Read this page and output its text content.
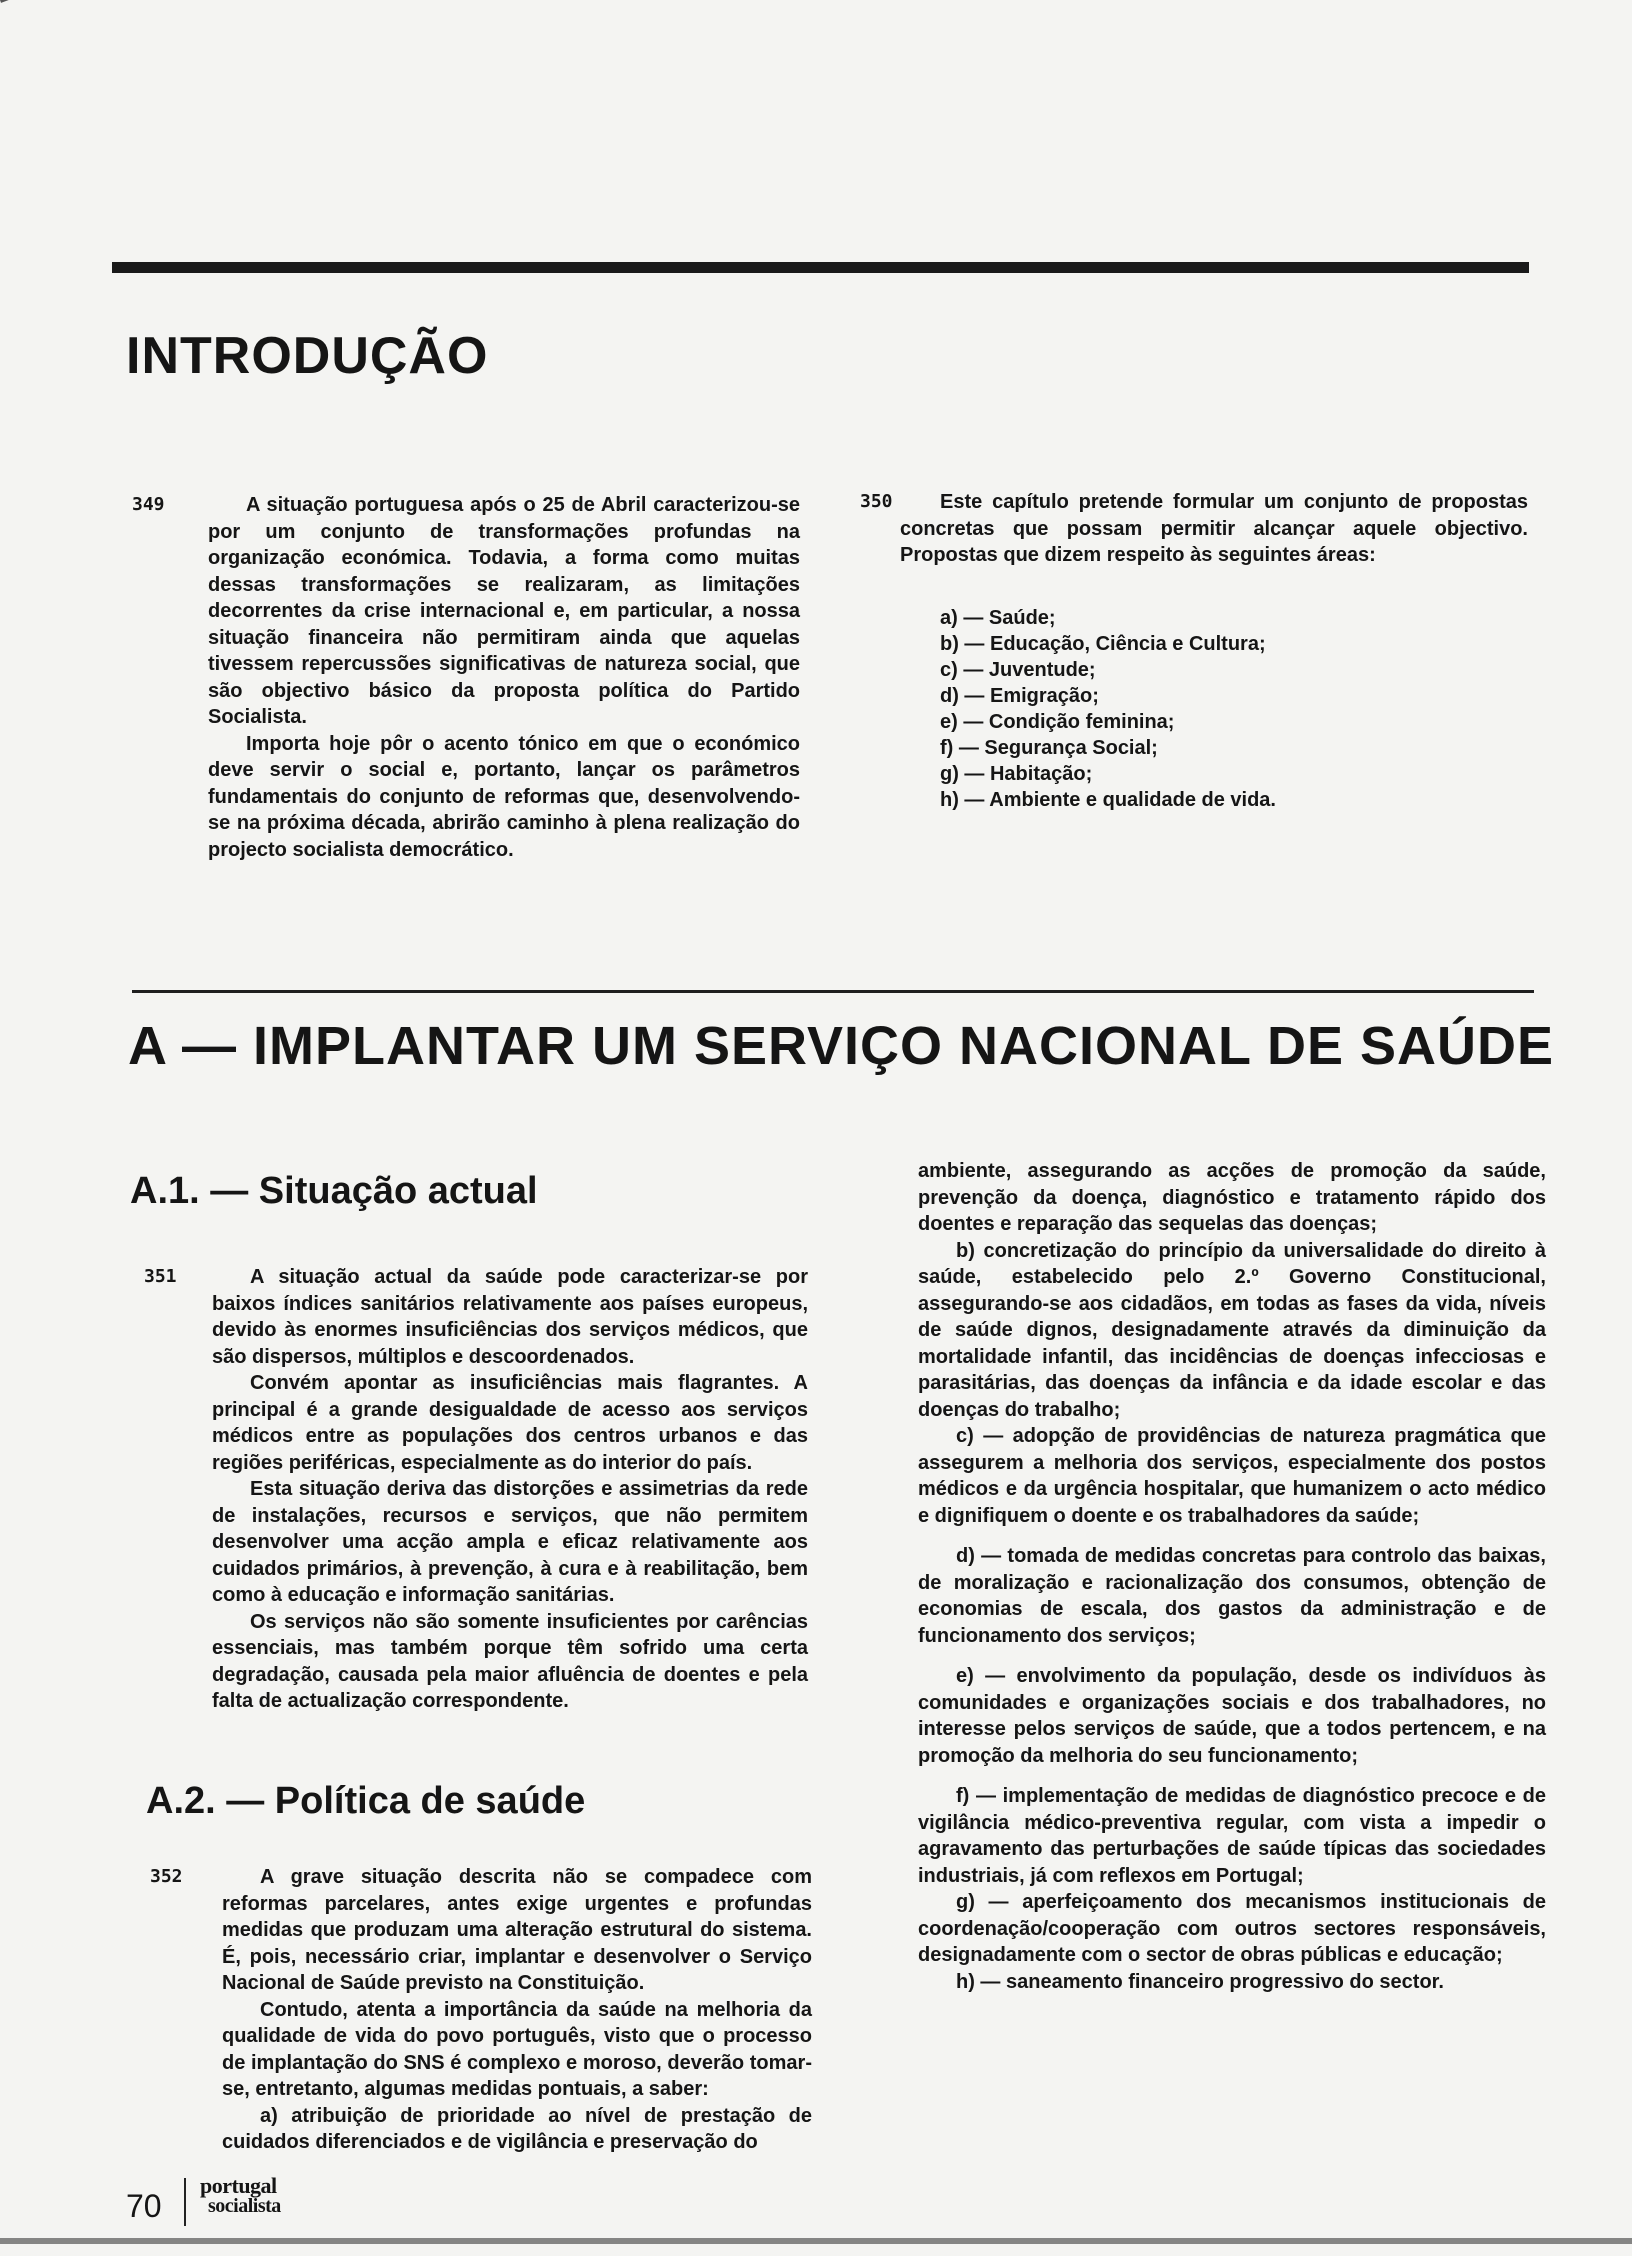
INTRODUÇÃO
349	A situação portuguesa após o 25 de Abril caracterizou-se por um conjunto de transformações profundas na organização económica. Todavia, a forma como muitas dessas transformações se realizaram, as limitações decorrentes da crise internacional e, em particular, a nossa situação financeira não permitiram ainda que aquelas tivessem repercussões significativas de natureza social, que são objectivo básico da proposta política do Partido Socialista.

Importa hoje pôr o acento tónico em que o económico deve servir o social e, portanto, lançar os parâmetros fundamentais do conjunto de reformas que, desenvolvendo-se na próxima década, abrirão caminho à plena realização do projecto socialista democrático.

350	Este capítulo pretende formular um conjunto de propostas concretas que possam permitir alcançar aquele objectivo. Propostas que dizem respeito às seguintes áreas:

a) — Saúde;
b) — Educação, Ciência e Cultura;
c) — Juventude;
d) — Emigração;
e) — Condição feminina;
f) — Segurança Social;
g) — Habitação;
h) — Ambiente e qualidade de vida.
A — IMPLANTAR UM SERVIÇO NACIONAL DE SAÚDE
A.1. — Situação actual
351	A situação actual da saúde pode caracterizar-se por baixos índices sanitários relativamente aos países europeus, devido às enormes insuficiências dos serviços médicos, que são dispersos, múltiplos e descoordenados.

Convém apontar as insuficiências mais flagrantes. A principal é a grande desigualdade de acesso aos serviços médicos entre as populações dos centros urbanos e das regiões periféricas, especialmente as do interior do país.

Esta situação deriva das distorções e assimetrias da rede de instalações, recursos e serviços, que não permitem desenvolver uma acção ampla e eficaz relativamente aos cuidados primários, à prevenção, à cura e à reabilitação, bem como à educação e informação sanitárias.

Os serviços não são somente insuficientes por carências essenciais, mas também porque têm sofrido uma certa degradação, causada pela maior afluência de doentes e pela falta de actualização correspondente.

A.2. — Política de saúde
352	A grave situação descrita não se compadece com reformas parcelares, antes exige urgentes e profundas medidas que produzam uma alteração estrutural do sistema. É, pois, necessário criar, implantar e desenvolver o Serviço Nacional de Saúde previsto na Constituição.

Contudo, atenta a importância da saúde na melhoria da qualidade de vida do povo português, visto que o processo de implantação do SNS é complexo e moroso, deverão tomar-se, entretanto, algumas medidas pontuais, a saber:

a) atribuição de prioridade ao nível de prestação de cuidados diferenciados e de vigilância e preservação do

ambiente, assegurando as acções de promoção da saúde, prevenção da doença, diagnóstico e tratamento rápido dos doentes e reparação das sequelas das doenças;

b) concretização do princípio da universalidade do direito à saúde, estabelecido pelo 2.º Governo Constitucional, assegurando-se aos cidadãos, em todas as fases da vida, níveis de saúde dignos, designadamente através da diminuição da mortalidade infantil, das incidências de doenças infecciosas e parasitárias, das doenças da infância e da idade escolar e das doenças do trabalho;

c) — adopção de providências de natureza pragmática que assegurem a melhoria dos serviços, especialmente dos postos médicos e da urgência hospitalar, que humanizem o acto médico e dignifiquem o doente e os trabalhadores da saúde;

d) — tomada de medidas concretas para controlo das baixas, de moralização e racionalização dos consumos, obtenção de economias de escala, dos gastos da administração e de funcionamento dos serviços;

e) — envolvimento da população, desde os indivíduos às comunidades e organizações sociais e dos trabalhadores, no interesse pelos serviços de saúde, que a todos pertencem, e na promoção da melhoria do seu funcionamento;

f) — implementação de medidas de diagnóstico precoce e de vigilância médico-preventiva regular, com vista a impedir o agravamento das perturbações de saúde típicas das sociedades industriais, já com reflexos em Portugal;

g) — aperfeiçoamento dos mecanismos institucionais de coordenação/cooperação com outros sectores responsáveis, designadamente com o sector de obras públicas e educação;

h) — saneamento financeiro progressivo do sector.

70
portugal
socialista
